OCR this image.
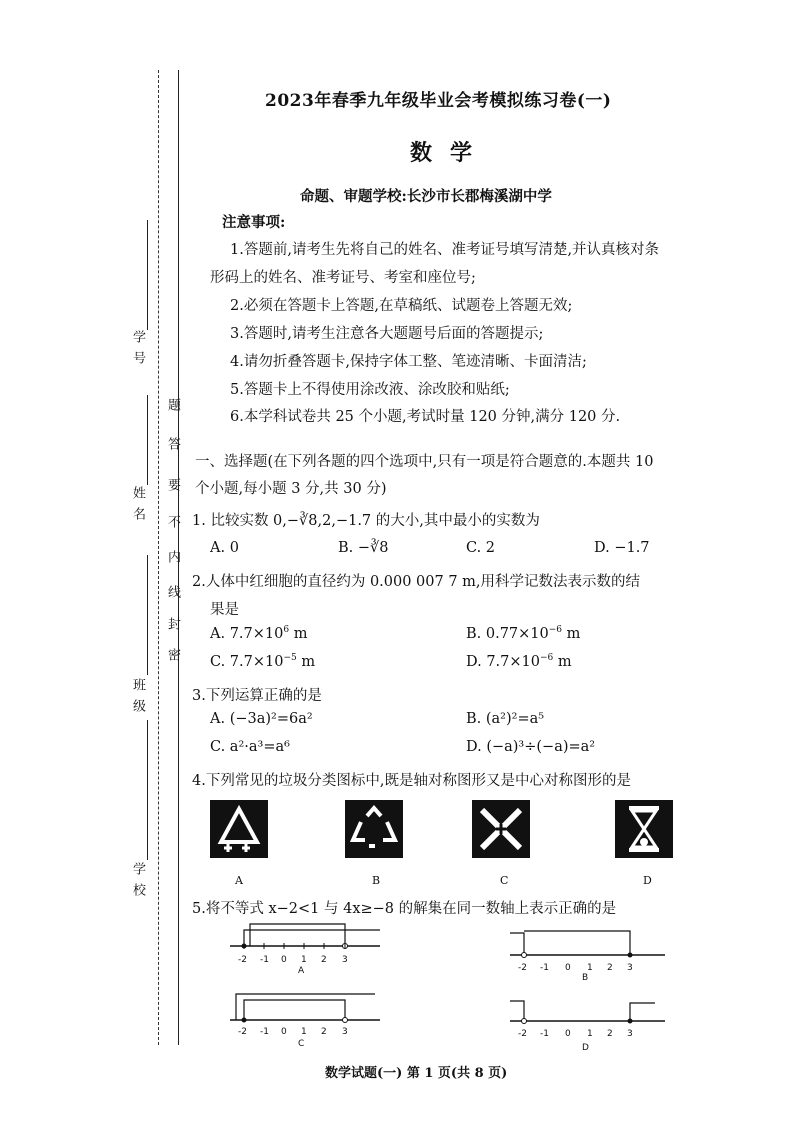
学 号
姓 名
班 级
学 校
密
封
线
内
不
要
答
题
2023年春季九年级毕业会考模拟练习卷(一)
数学
命题、审题学校:长沙市长郡梅溪湖中学
注意事项:
1.答题前,请考生先将自己的姓名、准考证号填写清楚,并认真核对条
形码上的姓名、准考证号、考室和座位号;
2.必须在答题卡上答题,在草稿纸、试题卷上答题无效;
3.答题时,请考生注意各大题题号后面的答题提示;
4.请勿折叠答题卡,保持字体工整、笔迹清晰、卡面清洁;
5.答题卡上不得使用涂改液、涂改胶和贴纸;
6.本学科试卷共 25 个小题,考试时量 120 分钟,满分 120 分.
一、选择题(在下列各题的四个选项中,只有一项是符合题意的.本题共 10
个小题,每小题 3 分,共 30 分)
1. 比较实数 0,−∛8,2,−1.7 的大小,其中最小的实数为
A. 0	B. −∛8	C. 2	D. −1.7
2.人体中红细胞的直径约为 0.000 007 7 m,用科学记数法表示数的结
果是
A. $7.7\times 10^6$ m	B. $0.77\times 10^{-6}$ m
C. $7.7\times 10^{-5}$ m	D. $7.7\times 10^{-6}$ m
3.下列运算正确的是
A. (−3a)²=6a²	B. (a²)²=a⁵
C. a²·a³=a⁶	D. (−a)³÷(−a)=a²
4.下列常见的垃圾分类图标中,既是轴对称图形又是中心对称图形的是
A	B	C	D
5.将不等式 x−2<1 与 4x≥−8 的解集在同一数轴上表示正确的是
-2 -1 0 1 2 3
A	-2 -1 0 1 2 3
B
-2 -1 0 1 2 3
C
-2 -1 0 1 2 3
D
数学试题(一) 第 1 页(共 8 页)
